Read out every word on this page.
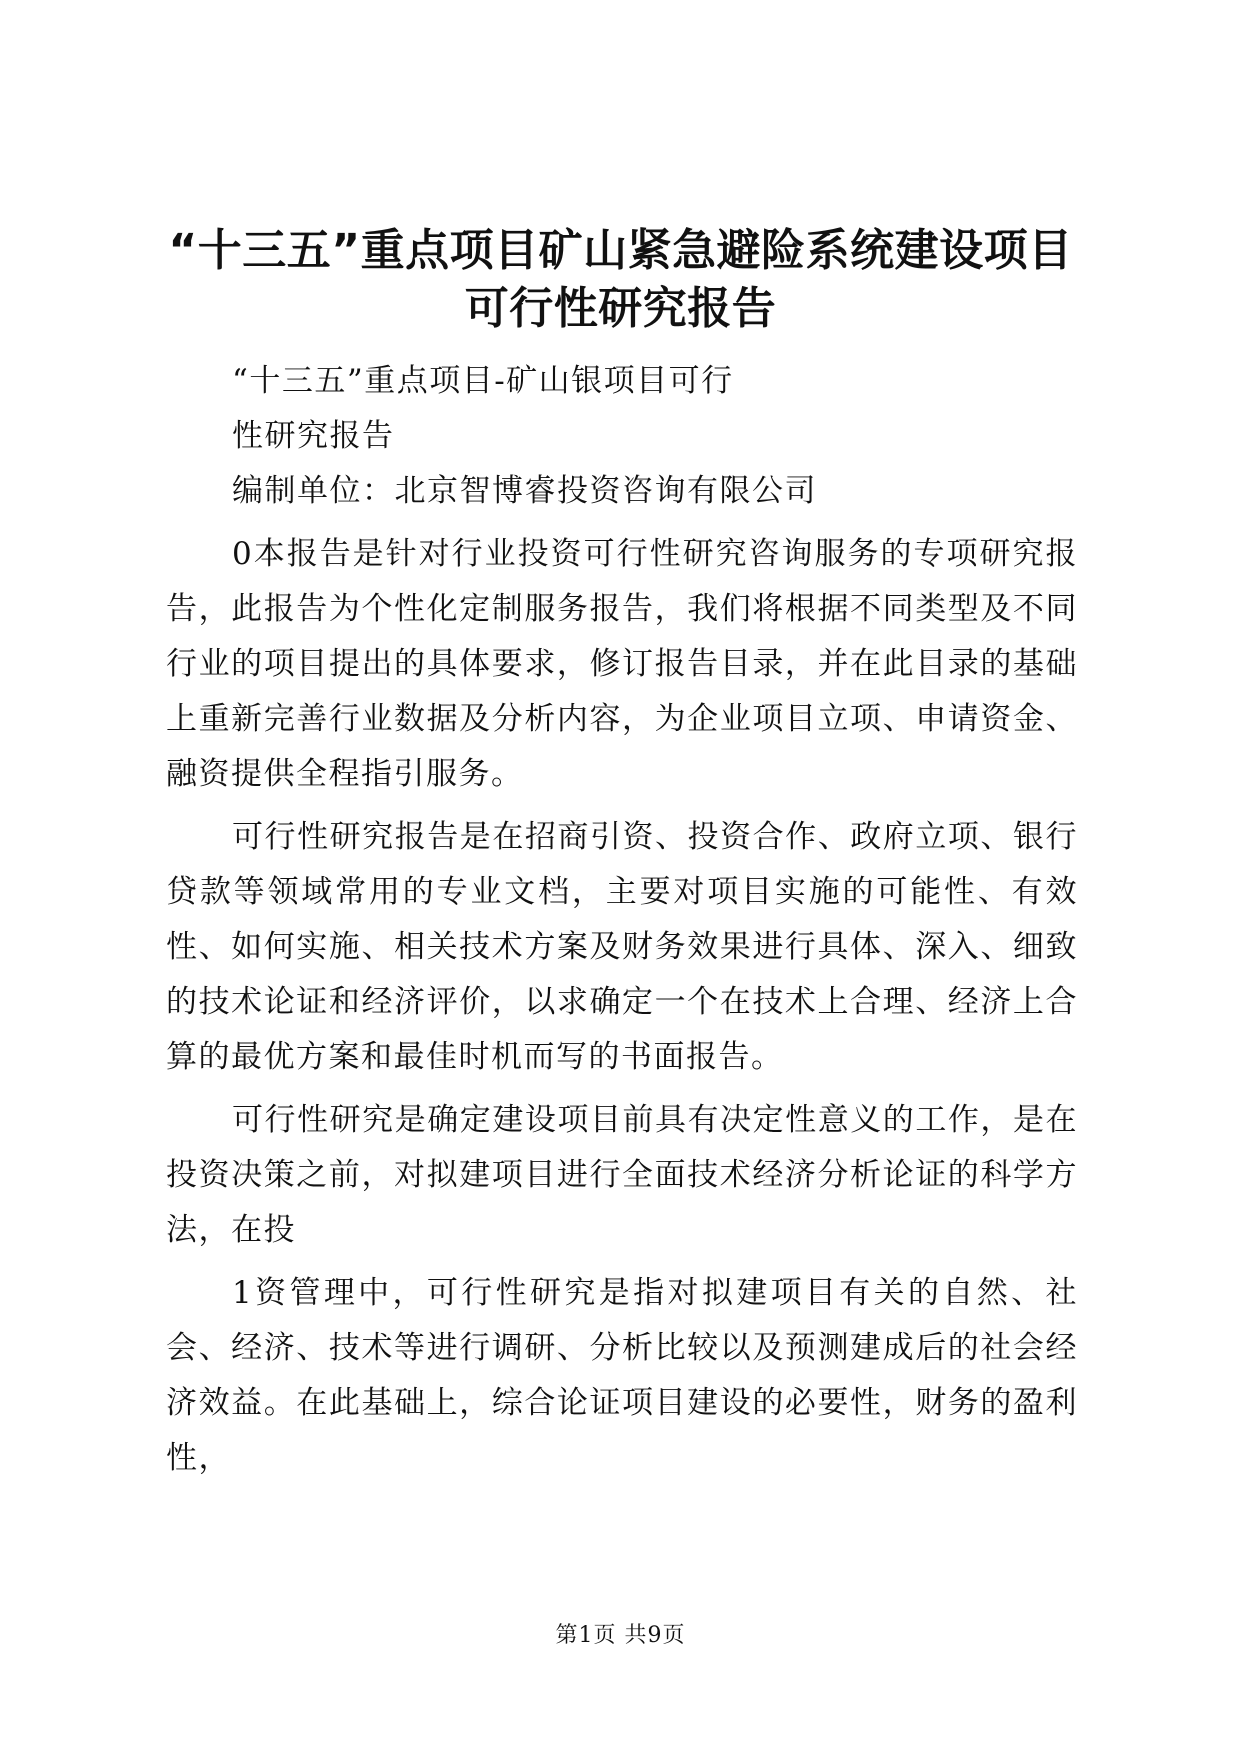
“十三五”重点项目矿山紧急避险系统建设项目可行性研究报告

“十三五”重点项目-矿山银项目可行

性研究报告

编制单位：北京智博睿投资咨询有限公司

0本报告是针对行业投资可行性研究咨询服务的专项研究报告，此报告为个性化定制服务报告，我们将根据不同类型及不同行业的项目提出的具体要求，修订报告目录，并在此目录的基础上重新完善行业数据及分析内容，为企业项目立项、申请资金、融资提供全程指引服务。

可行性研究报告是在招商引资、投资合作、政府立项、银行贷款等领域常用的专业文档，主要对项目实施的可能性、有效性、如何实施、相关技术方案及财务效果进行具体、深入、细致的技术论证和经济评价，以求确定一个在技术上合理、经济上合算的最优方案和最佳时机而写的书面报告。

可行性研究是确定建设项目前具有决定性意义的工作，是在投资决策之前，对拟建项目进行全面技术经济分析论证的科学方法，在投

1资管理中，可行性研究是指对拟建项目有关的自然、社会、经济、技术等进行调研、分析比较以及预测建成后的社会经济效益。在此基础上，综合论证项目建设的必要性，财务的盈利性，

第1页 共9页
